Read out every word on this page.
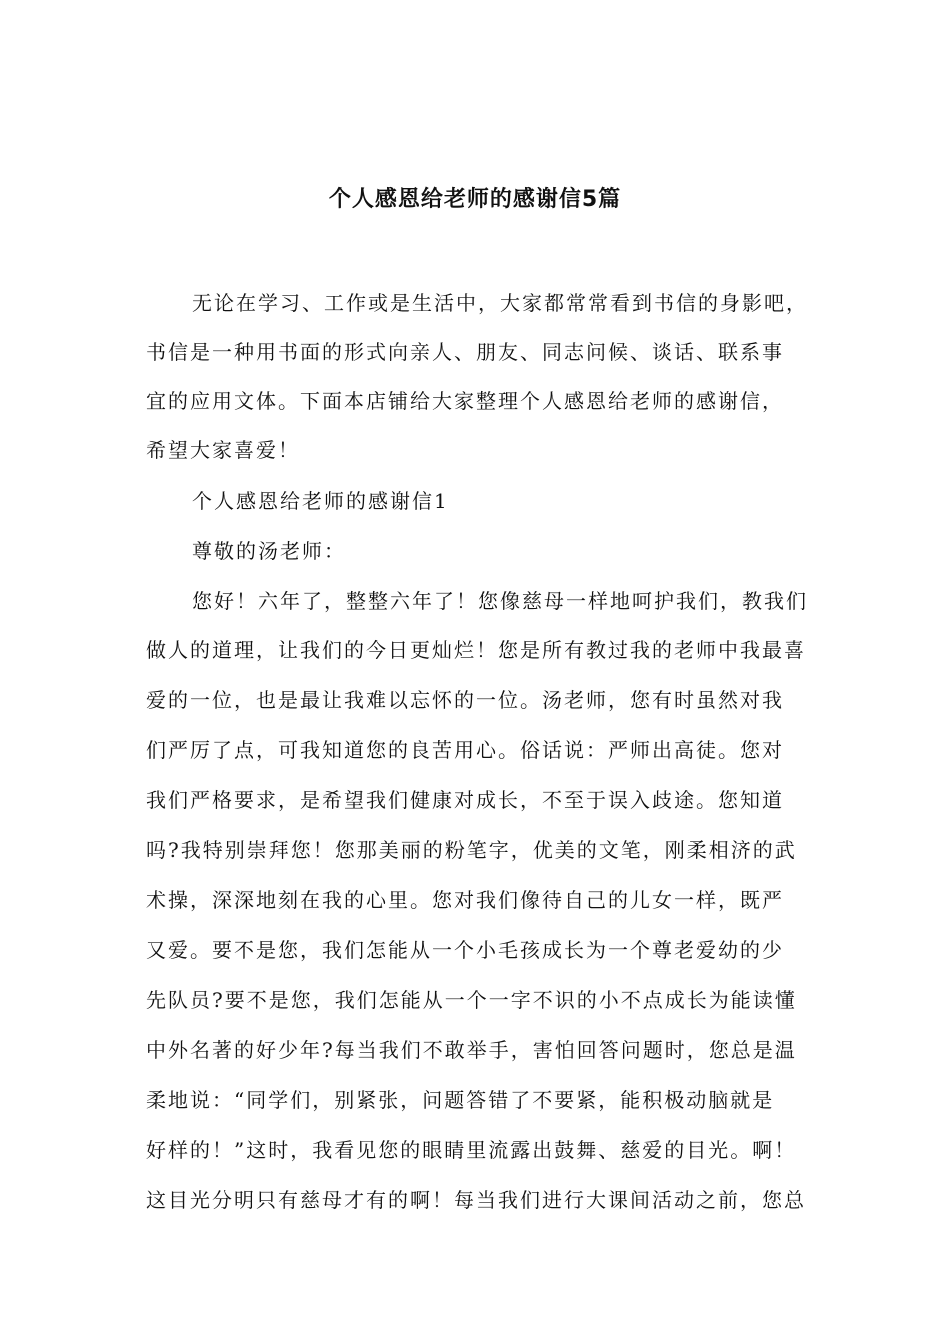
个人感恩给老师的感谢信5篇

无论在学习、工作或是生活中，大家都常常看到书信的身影吧，

书信是一种用书面的形式向亲人、朋友、同志问候、谈话、联系事

宜的应用文体。下面本店铺给大家整理个人感恩给老师的感谢信，

希望大家喜爱！

个人感恩给老师的感谢信1

尊敬的汤老师：

您好！六年了，整整六年了！您像慈母一样地呵护我们，教我们

做人的道理，让我们的今日更灿烂！您是所有教过我的老师中我最喜

爱的一位，也是最让我难以忘怀的一位。汤老师，您有时虽然对我

们严厉了点，可我知道您的良苦用心。俗话说：严师出高徒。您对

我们严格要求，是希望我们健康对成长，不至于误入歧途。您知道

吗?我特别崇拜您！您那美丽的粉笔字，优美的文笔，刚柔相济的武

术操，深深地刻在我的心里。您对我们像待自己的儿女一样，既严

又爱。要不是您，我们怎能从一个小毛孩成长为一个尊老爱幼的少

先队员?要不是您，我们怎能从一个一字不识的小不点成长为能读懂

中外名著的好少年?每当我们不敢举手，害怕回答问题时，您总是温

柔地说：“同学们，别紧张，问题答错了不要紧，能积极动脑就是

好样的！”这时，我看见您的眼睛里流露出鼓舞、慈爱的目光。啊！

这目光分明只有慈母才有的啊！每当我们进行大课间活动之前，您总
